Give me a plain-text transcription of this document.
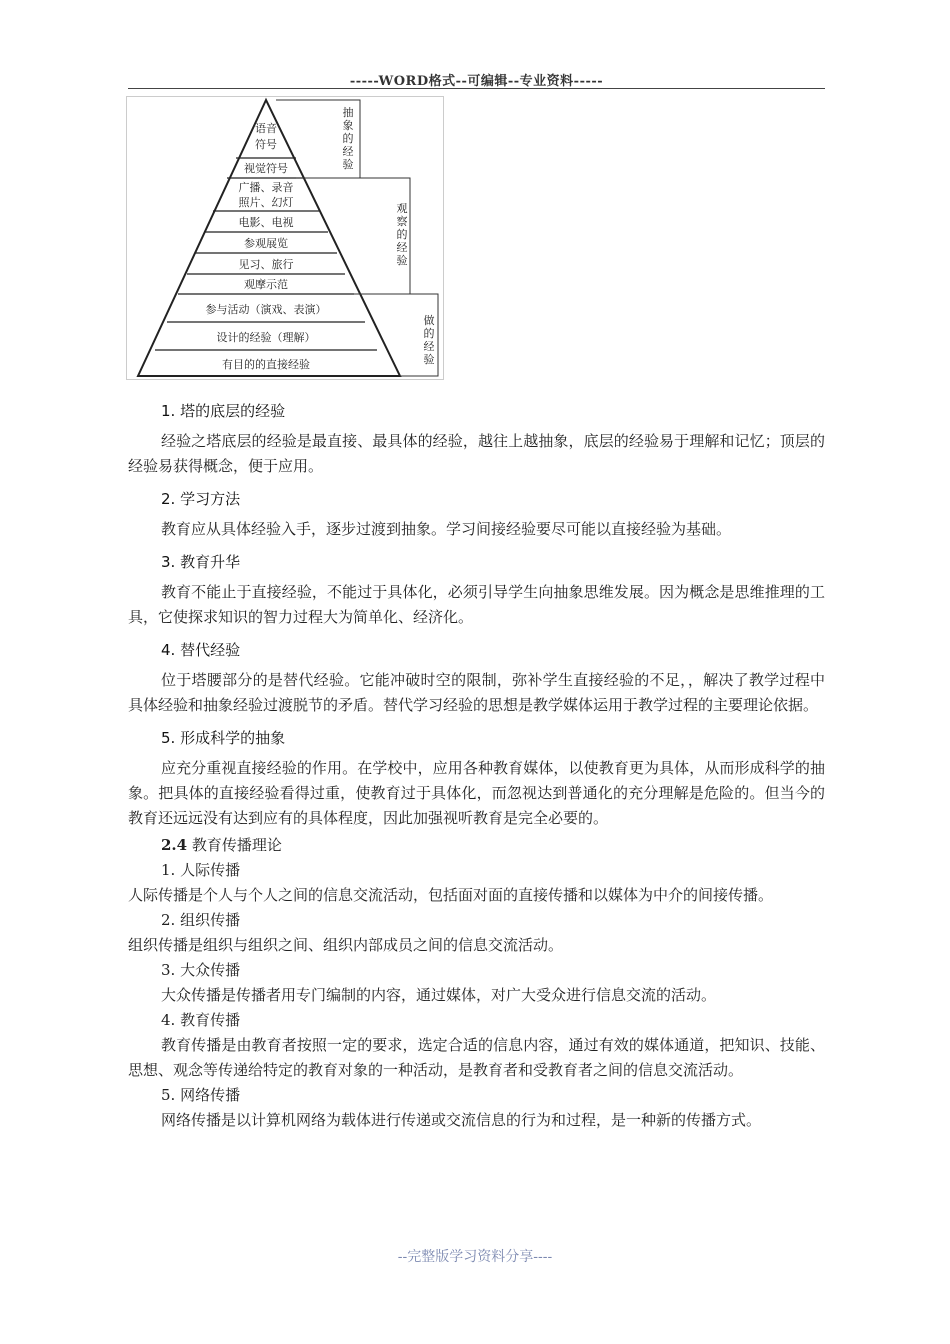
-----WORD格式--可编辑--专业资料-----
语音
符号
视觉符号
广播、录音
照片、幻灯
电影、电视
参观展览
见习、旅行
观摩示范
参与活动（演戏、表演）
设计的经验（理解）
有目的的直接经验
抽
象
的
经
验
观
察
的
经
验
做
的
经
验
1. 塔的底层的经验
经验之塔底层的经验是最直接、最具体的经验，越往上越抽象，底层的经验易于理解和记忆；顶层的经验易获得概念，便于应用。
2. 学习方法
教育应从具体经验入手，逐步过渡到抽象。学习间接经验要尽可能以直接经验为基础。
3. 教育升华
教育不能止于直接经验，不能过于具体化，必须引导学生向抽象思维发展。因为概念是思维推理的工具，它使探求知识的智力过程大为简单化、经济化。
4. 替代经验
位于塔腰部分的是替代经验。它能冲破时空的限制，弥补学生直接经验的不足，，解决了教学过程中具体经验和抽象经验过渡脱节的矛盾。替代学习经验的思想是教学媒体运用于教学过程的主要理论依据。
5. 形成科学的抽象
应充分重视直接经验的作用。在学校中，应用各种教育媒体，以使教育更为具体，从而形成科学的抽象。把具体的直接经验看得过重，使教育过于具体化，而忽视达到普通化的充分理解是危险的。但当今的教育还远远没有达到应有的具体程度，因此加强视听教育是完全必要的。
2.4 教育传播理论
1. 人际传播
人际传播是个人与个人之间的信息交流活动，包括面对面的直接传播和以媒体为中介的间接传播。
2. 组织传播
组织传播是组织与组织之间、组织内部成员之间的信息交流活动。
3. 大众传播
大众传播是传播者用专门编制的内容，通过媒体，对广大受众进行信息交流的活动。
4. 教育传播
教育传播是由教育者按照一定的要求，选定合适的信息内容，通过有效的媒体通道，把知识、技能、思想、观念等传递给特定的教育对象的一种活动，是教育者和受教育者之间的信息交流活动。
5. 网络传播
网络传播是以计算机网络为载体进行传递或交流信息的行为和过程，是一种新的传播方式。
--完整版学习资料分享----
